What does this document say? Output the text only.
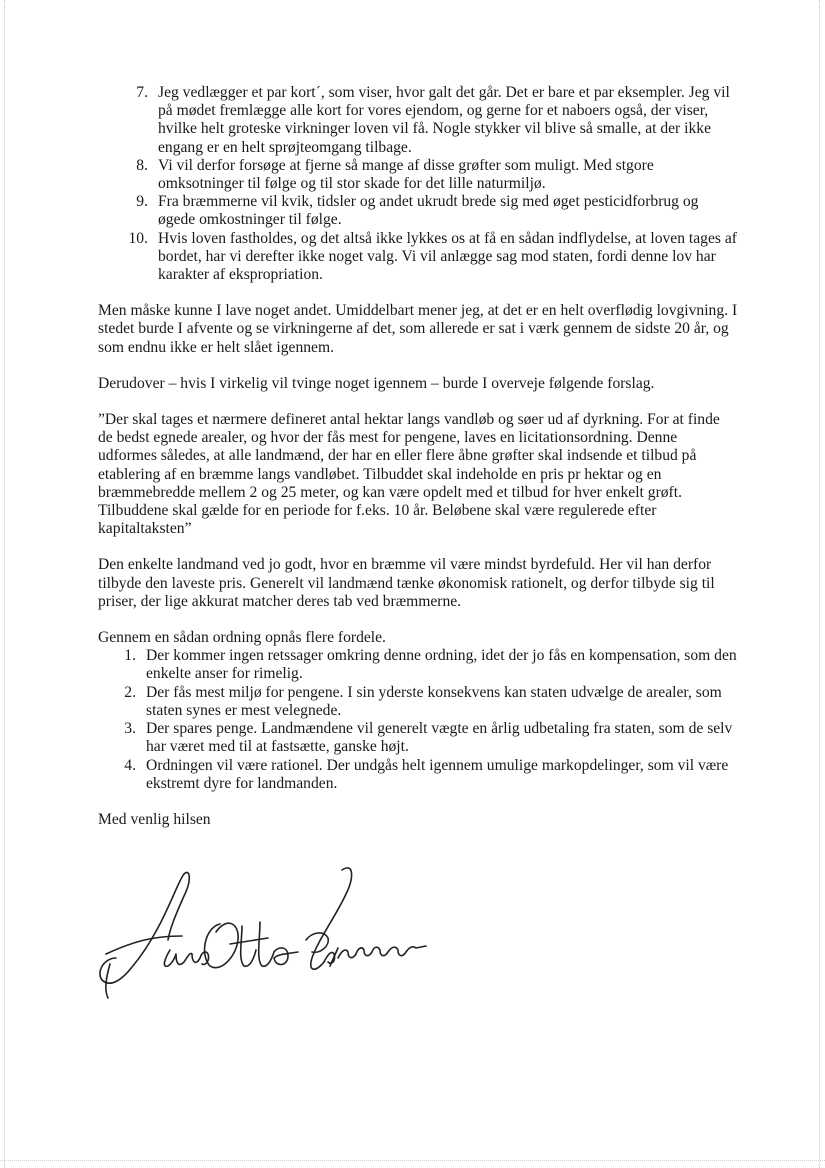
7. Jeg vedlægger et par kort´, som viser, hvor galt det går. Det er bare et par eksempler. Jeg vil på mødet fremlægge alle kort for vores ejendom, og gerne for et naboers også, der viser, hvilke helt groteske virkninger loven vil få. Nogle stykker vil blive så smalle, at der ikke engang er en helt sprøjteomgang tilbage.
8. Vi vil derfor forsøge at fjerne så mange af disse grøfter som muligt. Med stgore omksotninger til følge og til stor skade for det lille naturmiljø.
9. Fra bræmmerne vil kvik, tidsler og andet ukrudt brede sig med øget pesticidforbrug og øgede omkostninger til følge.
10. Hvis loven fastholdes, og det altså ikke lykkes os at få en sådan indflydelse, at loven tages af bordet, har vi derefter ikke noget valg. Vi vil anlægge sag mod staten, fordi denne lov har karakter af ekspropriation.

Men måske kunne I lave noget andet. Umiddelbart mener jeg, at det er en helt overflødig lovgivning. I stedet burde I afvente og se virkningerne af det, som allerede er sat i værk gennem de sidste 20 år, og som endnu ikke er helt slået igennem.

Derudover – hvis I virkelig vil tvinge noget igennem – burde I overveje følgende forslag.

”Der skal tages et nærmere defineret antal hektar langs vandløb og søer ud af dyrkning. For at finde de bedst egnede arealer, og hvor der fås mest for pengene, laves en licitationsordning. Denne udformes således, at alle landmænd, der har en eller flere åbne grøfter skal indsende et tilbud på etablering af en bræmme langs vandløbet. Tilbuddet skal indeholde en pris pr hektar og en bræmmebredde mellem 2 og 25 meter, og kan være opdelt med et tilbud for hver enkelt grøft. Tilbuddene skal gælde for en periode for f.eks. 10 år. Beløbene skal være regulerede efter kapitaltaksten”

Den enkelte landmand ved jo godt, hvor en bræmme vil være mindst byrdefuld. Her vil han derfor tilbyde den laveste pris. Generelt vil landmænd tænke økonomisk rationelt, og derfor tilbyde sig til priser, der lige akkurat matcher deres tab ved bræmmerne.

Gennem en sådan ordning opnås flere fordele.

1. Der kommer ingen retssager omkring denne ordning, idet der jo fås en kompensation, som den enkelte anser for rimelig.
2. Der fås mest miljø for pengene. I sin yderste konsekvens kan staten udvælge de arealer, som staten synes er mest velegnede.
3. Der spares penge. Landmændene vil generelt vægte en årlig udbetaling fra staten, som de selv har været med til at fastsætte, ganske højt.
4. Ordningen vil være rationel. Der undgås helt igennem umulige markopdelinger, som vil være ekstremt dyre for landmanden.

Med venlig hilsen
